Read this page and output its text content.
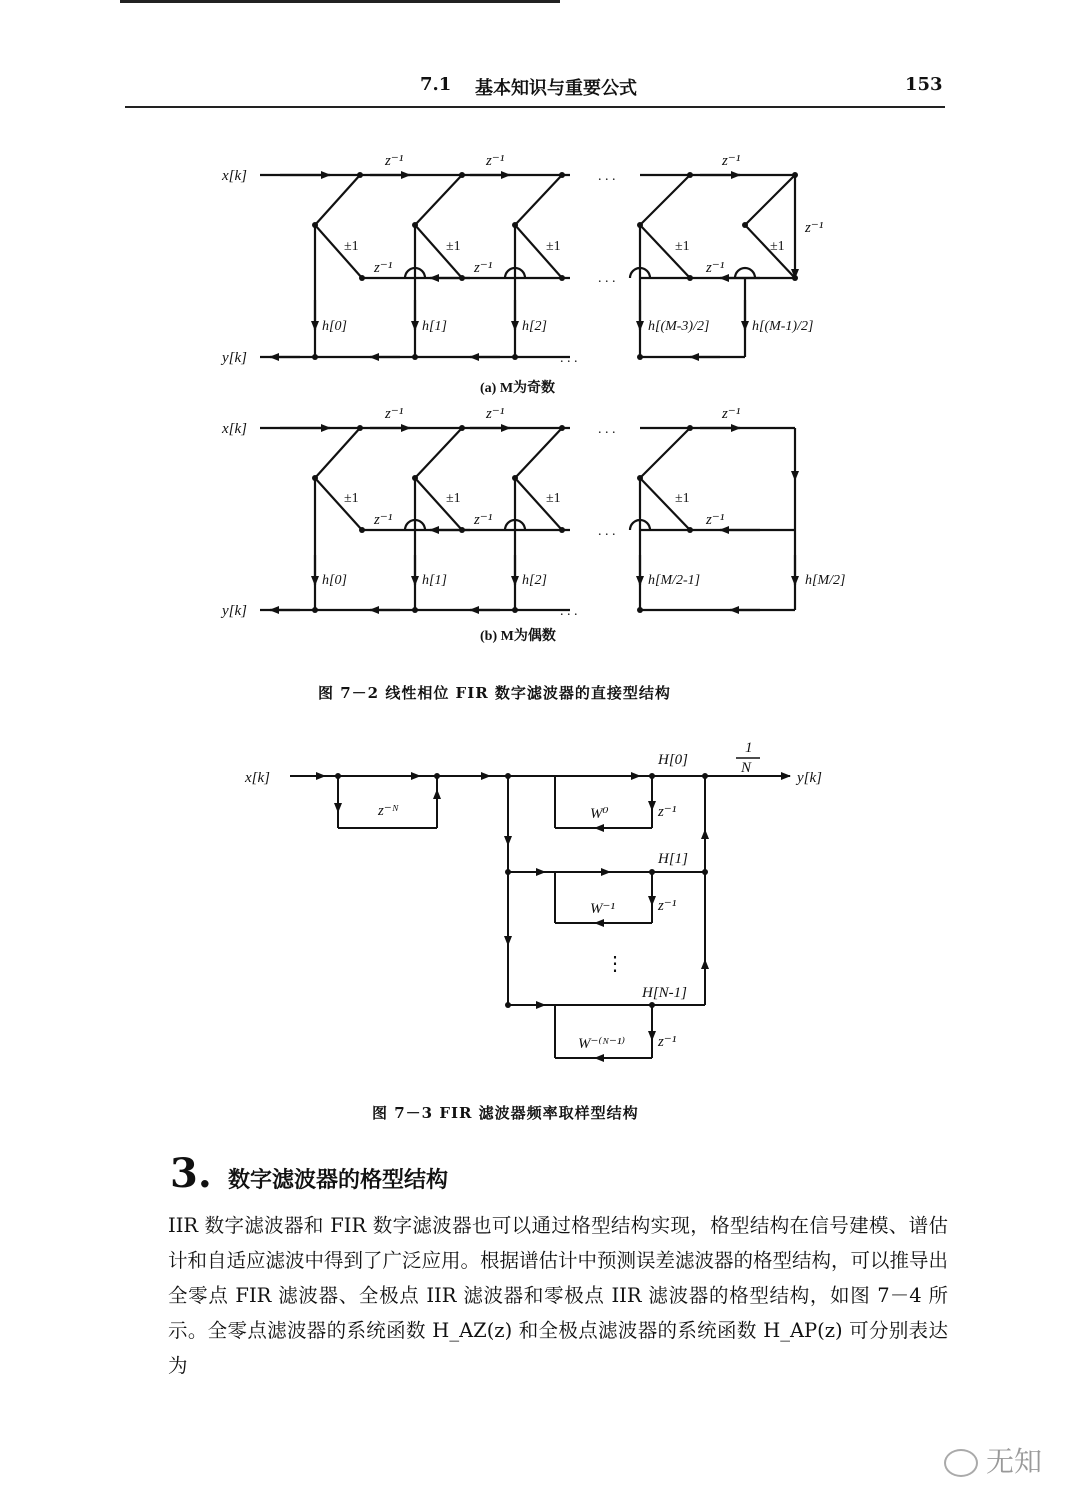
7.1 基本知识与重要公式	153
x[k]
y[k]
z⁻¹	z⁻¹	z⁻¹
z⁻¹
z⁻¹	z⁻¹	z⁻¹
±1	±1	±1	±1	±1
. . .
. . .
. . .
h[0]	h[1]	h[2]	h[(M-3)/2]	h[(M-1)/2]
(a) M为奇数
x[k]
y[k]
z⁻¹	z⁻¹	z⁻¹
z⁻¹	z⁻¹	z⁻¹
±1	±1	±1	±1
. . .
. . .
. . .
h[0]	h[1]	h[2]	h[M/2-1]	h[M/2]
(b) M为偶数
图 7－2 线性相位 FIR 数字滤波器的直接型结构
x[k]	y[k]
z⁻ᴺ
1
N
H[0]
H[1]
H[N-1]
W⁰
W⁻¹
W⁻⁽ᴺ⁻¹⁾
z⁻¹
z⁻¹
z⁻¹
⋮
图 7－3 FIR 滤波器频率取样型结构
3. 数字滤波器的格型结构

IIR 数字滤波器和 FIR 数字滤波器也可以通过格型结构实现，格型结构在信号建模、谱估计和自适应滤波中得到了广泛应用。根据谱估计中预测误差滤波器的格型结构，可以推导出全零点 FIR 滤波器、全极点 IIR 滤波器和零极点 IIR 滤波器的格型结构，如图 7－4 所示。全零点滤波器的系统函数 H_AZ(z) 和全极点滤波器的系统函数 H_AP(z) 可分别表达为

无知
